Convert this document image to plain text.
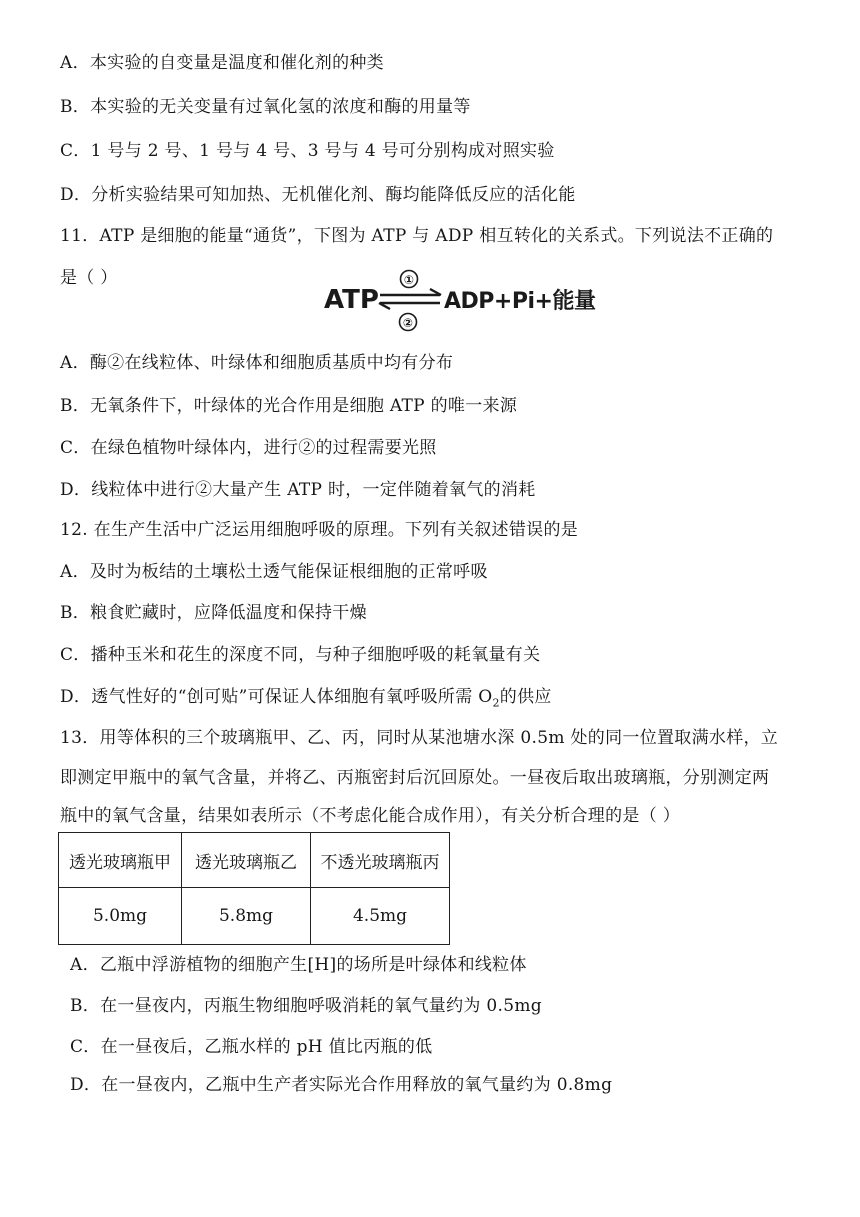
A．本实验的自变量是温度和催化剂的种类
B．本实验的无关变量有过氧化氢的浓度和酶的用量等
C．1 号与 2 号、1 号与 4 号、3 号与 4 号可分别构成对照实验
D．分析实验结果可知加热、无机催化剂、酶均能降低反应的活化能
11．ATP 是细胞的能量“通货”，下图为 ATP 与 ADP 相互转化的关系式。下列说法不正确的
是（ ）
ATP
①
②
ADP+Pi+能量
A．酶②在线粒体、叶绿体和细胞质基质中均有分布
B．无氧条件下，叶绿体的光合作用是细胞 ATP 的唯一来源
C．在绿色植物叶绿体内，进行②的过程需要光照
D．线粒体中进行②大量产生 ATP 时，一定伴随着氧气的消耗
12. 在生产生活中广泛运用细胞呼吸的原理。下列有关叙述错误的是
A．及时为板结的土壤松土透气能保证根细胞的正常呼吸
B．粮食贮藏时，应降低温度和保持干燥
C．播种玉米和花生的深度不同，与种子细胞呼吸的耗氧量有关
D．透气性好的“创可贴”可保证人体细胞有氧呼吸所需 $O_2$的供应
13．用等体积的三个玻璃瓶甲、乙、丙，同时从某池塘水深 0.5m 处的同一位置取满水样，立
即测定甲瓶中的氧气含量，并将乙、丙瓶密封后沉回原处。一昼夜后取出玻璃瓶，分别测定两
瓶中的氧气含量，结果如表所示（不考虑化能合成作用），有关分析合理的是（ ）
透光玻璃瓶甲	透光玻璃瓶乙	不透光玻璃瓶丙
5.0mg	5.8mg	4.5mg
A．乙瓶中浮游植物的细胞产生[H]的场所是叶绿体和线粒体
B．在一昼夜内，丙瓶生物细胞呼吸消耗的氧气量约为 0.5mg
C．在一昼夜后，乙瓶水样的 pH 值比丙瓶的低
D．在一昼夜内，乙瓶中生产者实际光合作用释放的氧气量约为 0.8mg
